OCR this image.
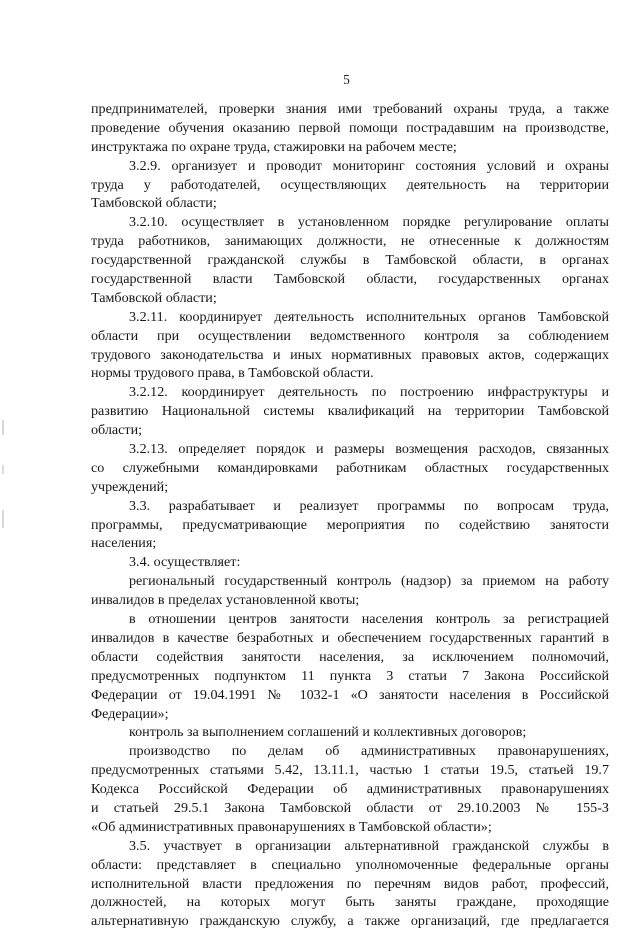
5
предпринимателей, проверки знания ими требований охраны труда, а также
проведение обучения оказанию первой помощи пострадавшим на производстве,
инструктажа по охране труда, стажировки на рабочем месте;
3.2.9. организует и проводит мониторинг состояния условий и охраны
труда у работодателей, осуществляющих деятельность на территории
Тамбовской области;
3.2.10. осуществляет в установленном порядке регулирование оплаты
труда работников, занимающих должности, не отнесенные к должностям
государственной гражданской службы в Тамбовской области, в органах
государственной власти Тамбовской области, государственных органах
Тамбовской области;
3.2.11. координирует деятельность исполнительных органов Тамбовской
области при осуществлении ведомственного контроля за соблюдением
трудового законодательства и иных нормативных правовых актов, содержащих
нормы трудового права, в Тамбовской области.
3.2.12. координирует деятельность по построению инфраструктуры и
развитию Национальной системы квалификаций на территории Тамбовской
области;
3.2.13. определяет порядок и размеры возмещения расходов, связанных
со служебными командировками работникам областных государственных
учреждений;
3.3. разрабатывает и реализует программы по вопросам труда,
программы, предусматривающие мероприятия по содействию занятости
населения;
3.4. осуществляет:
региональный государственный контроль (надзор) за приемом на работу
инвалидов в пределах установленной квоты;
в отношении центров занятости населения контроль за регистрацией
инвалидов в качестве безработных и обеспечением государственных гарантий в
области содействия занятости населения, за исключением полномочий,
предусмотренных подпунктом 11 пункта 3 статьи 7 Закона Российской
Федерации от 19.04.1991 № 1032-1 «О занятости населения в Российской
Федерации»;
контроль за выполнением соглашений и коллективных договоров;
производство по делам об административных правонарушениях,
предусмотренных статьями 5.42, 13.11.1, частью 1 статьи 19.5, статьей 19.7
Кодекса Российской Федерации об административных правонарушениях
и статьей 29.5.1 Закона Тамбовской области от 29.10.2003 № 155-З
«Об административных правонарушениях в Тамбовской области»;
3.5. участвует в организации альтернативной гражданской службы в
области: представляет в специально уполномоченные федеральные органы
исполнительной власти предложения по перечням видов работ, профессий,
должностей, на которых могут быть заняты граждане, проходящие
альтернативную гражданскую службу, а также организаций, где предлагается
